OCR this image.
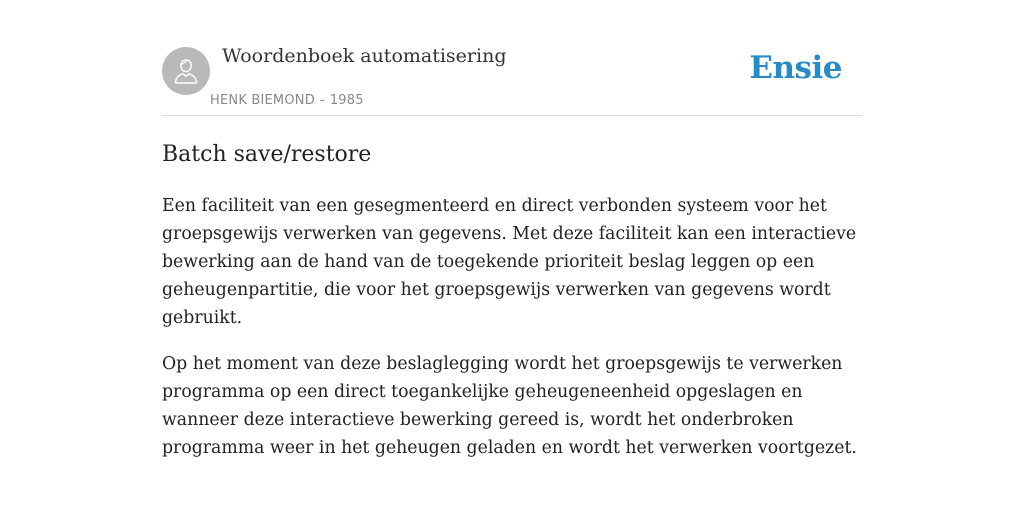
Woordenboek automatisering
HENK BIEMOND - 1985
Ensie
Batch save/restore

Een faciliteit van een gesegmenteerd en direct verbonden systeem voor het groepsgewijs verwerken van gegevens. Met deze faciliteit kan een interactieve bewerking aan de hand van de toegekende prioriteit beslag leggen op een geheugenpartitie, die voor het groepsgewijs verwerken van gegevens wordt gebruikt.

Op het moment van deze beslaglegging wordt het groepsgewijs te verwerken programma op een direct toegankelijke geheugeneenheid opgeslagen en wanneer deze interactieve bewerking gereed is, wordt het onderbroken programma weer in het geheugen geladen en wordt het verwerken voortgezet.
